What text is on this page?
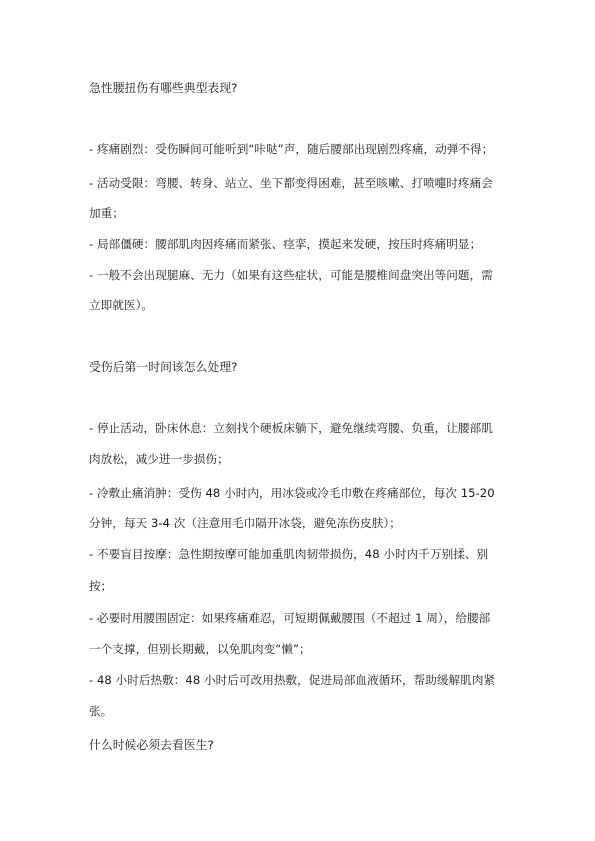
急性腰扭伤有哪些典型表现?
- 疼痛剧烈：受伤瞬间可能听到“咔哒”声，随后腰部出现剧烈疼痛，动弹不得；
- 活动受限：弯腰、转身、站立、坐下都变得困难，甚至咳嗽、打喷嚏时疼痛会
加重；
- 局部僵硬：腰部肌肉因疼痛而紧张、痉挛，摸起来发硬，按压时疼痛明显；
- 一般不会出现腿麻、无力（如果有这些症状，可能是腰椎间盘突出等问题，需
立即就医）。
受伤后第一时间该怎么处理?
- 停止活动，卧床休息：立刻找个硬板床躺下，避免继续弯腰、负重，让腰部肌
肉放松，减少进一步损伤；
- 冷敷止痛消肿：受伤 48 小时内，用冰袋或冷毛巾敷在疼痛部位，每次 15-20
分钟，每天 3-4 次（注意用毛巾隔开冰袋，避免冻伤皮肤）；
- 不要盲目按摩：急性期按摩可能加重肌肉韧带损伤，48 小时内千万别揉、别
按；
- 必要时用腰围固定：如果疼痛难忍，可短期佩戴腰围（不超过 1 周），给腰部
一个支撑，但别长期戴，以免肌肉变“懒”；
- 48 小时后热敷：48 小时后可改用热敷，促进局部血液循环，帮助缓解肌肉紧
张。
什么时候必须去看医生?
